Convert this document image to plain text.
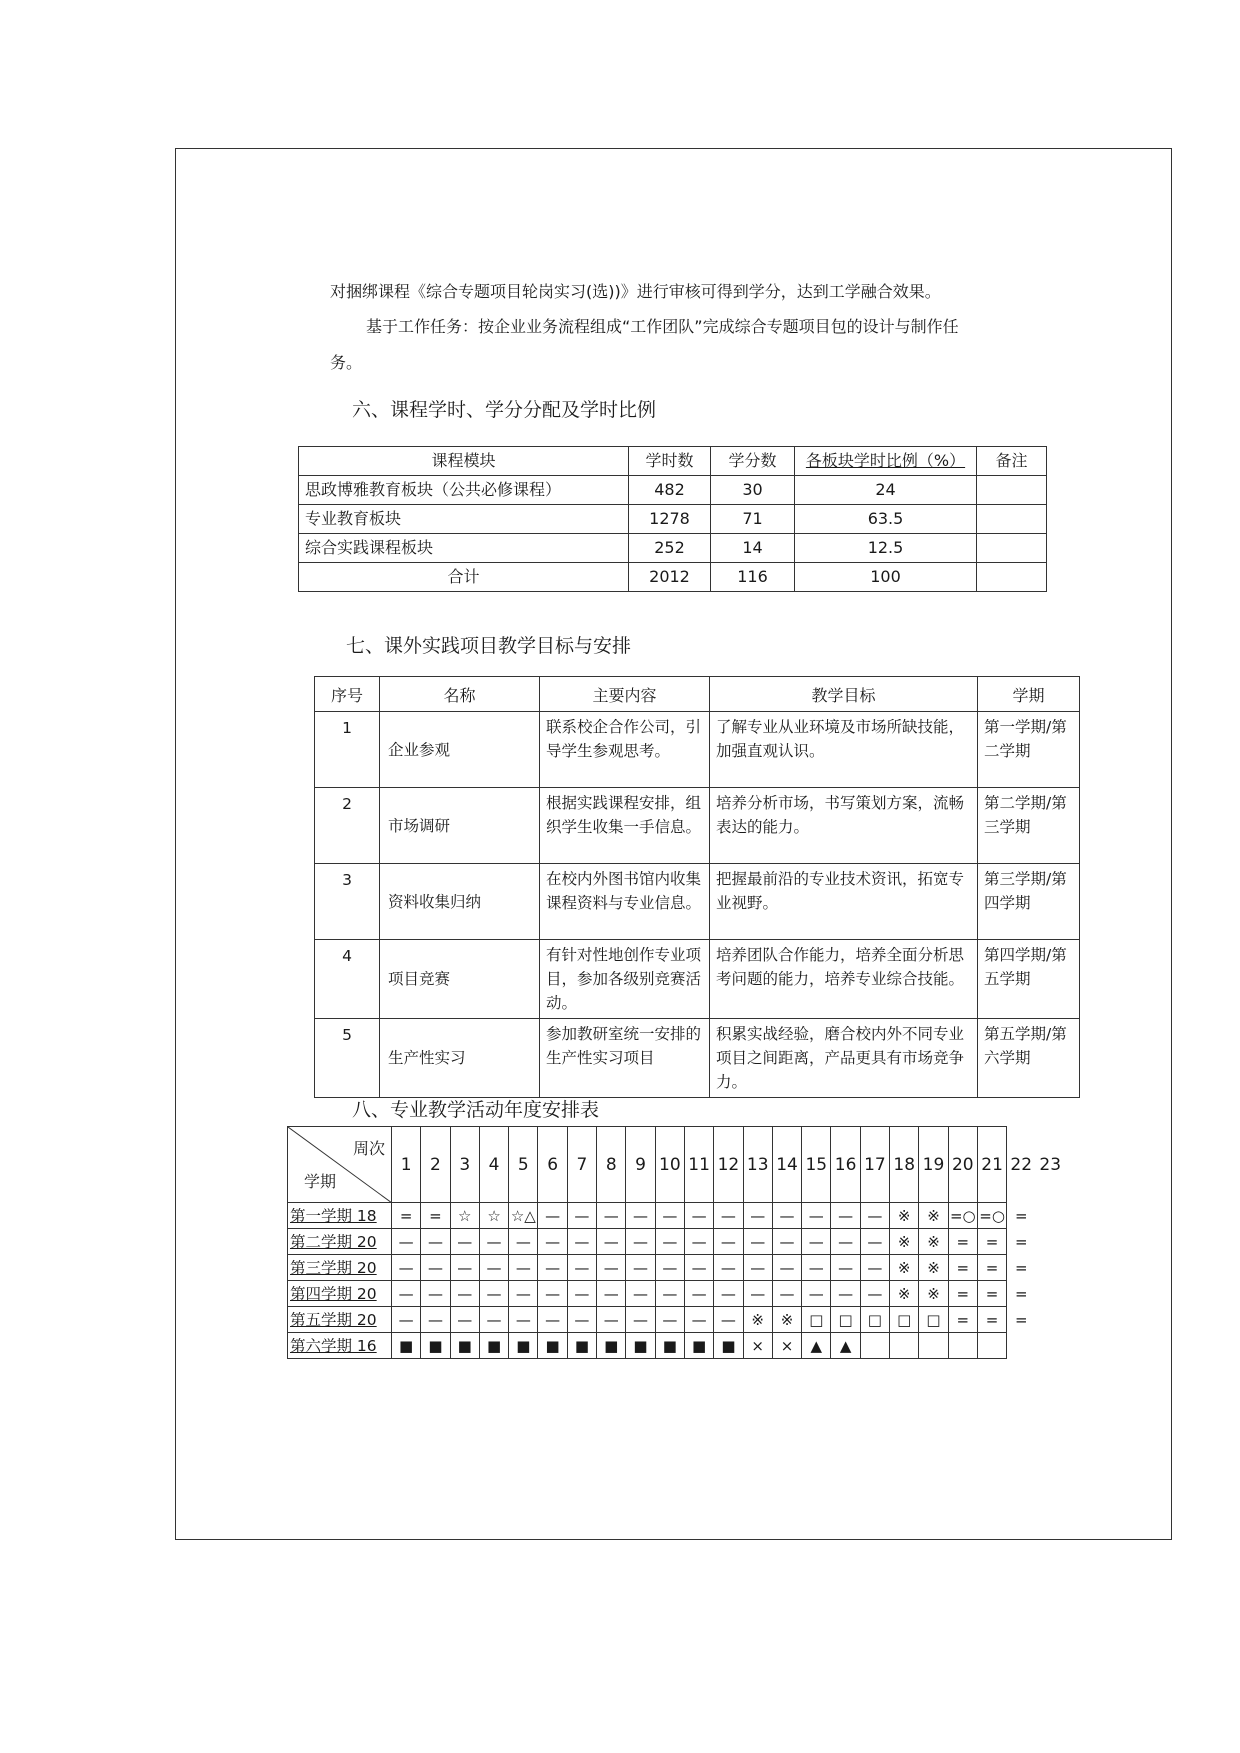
对捆绑课程《综合专题项目轮岗实习(选))》进行审核可得到学分，达到工学融合效果。
基于工作任务：按企业业务流程组成“工作团队”完成综合专题项目包的设计与制作任
务。
六、课程学时、学分分配及学时比例
课程模块	学时数	学分数	各板块学时比例（%）	备注
思政博雅教育板块（公共必修课程）	482	30	24	
专业教育板块	1278	71	63.5	
综合实践课程板块	252	14	12.5	
合计	2012	116	100	
七、课外实践项目教学目标与安排
序号	名称	主要内容	教学目标	学期
1	企业参观	联系校企合作公司，引导学生参观思考。	了解专业从业环境及市场所缺技能，加强直观认识。	第一学期/第二学期
2	市场调研	根据实践课程安排，组织学生收集一手信息。	培养分析市场，书写策划方案，流畅表达的能力。	第二学期/第三学期
3	资料收集归纳	在校内外图书馆内收集课程资料与专业信息。	把握最前沿的专业技术资讯，拓宽专业视野。	第三学期/第四学期
4	项目竞赛	有针对性地创作专业项目，参加各级别竞赛活动。	培养团队合作能力，培养全面分析思考问题的能力，培养专业综合技能。	第四学期/第五学期
5	生产性实习	参加教研室统一安排的生产性实习项目	积累实战经验，磨合校内外不同专业项目之间距离，产品更具有市场竞争力。	第五学期/第六学期
八、专业教学活动年度安排表
周次
学期	1	2	3	4	5	6	7	8	9	10	11	12	13	14	15	16	17	18	19	20	21	22	23
第一学期 18	=	=	☆	☆	☆△	—	—	—	—	—	—	—	—	—	—	—	—	※	※	=○	=○	=	
第二学期 20	—	—	—	—	—	—	—	—	—	—	—	—	—	—	—	—	—	※	※	=	=	=	
第三学期 20	—	—	—	—	—	—	—	—	—	—	—	—	—	—	—	—	—	※	※	=	=	=	
第四学期 20	—	—	—	—	—	—	—	—	—	—	—	—	—	—	—	—	—	※	※	=	=	=	
第五学期 20	—	—	—	—	—	—	—	—	—	—	—	—	※	※	□	□	□	□	□	=	=	=	
第六学期 16	■	■	■	■	■	■	■	■	■	■	■	■	×	×	▲	▲							
